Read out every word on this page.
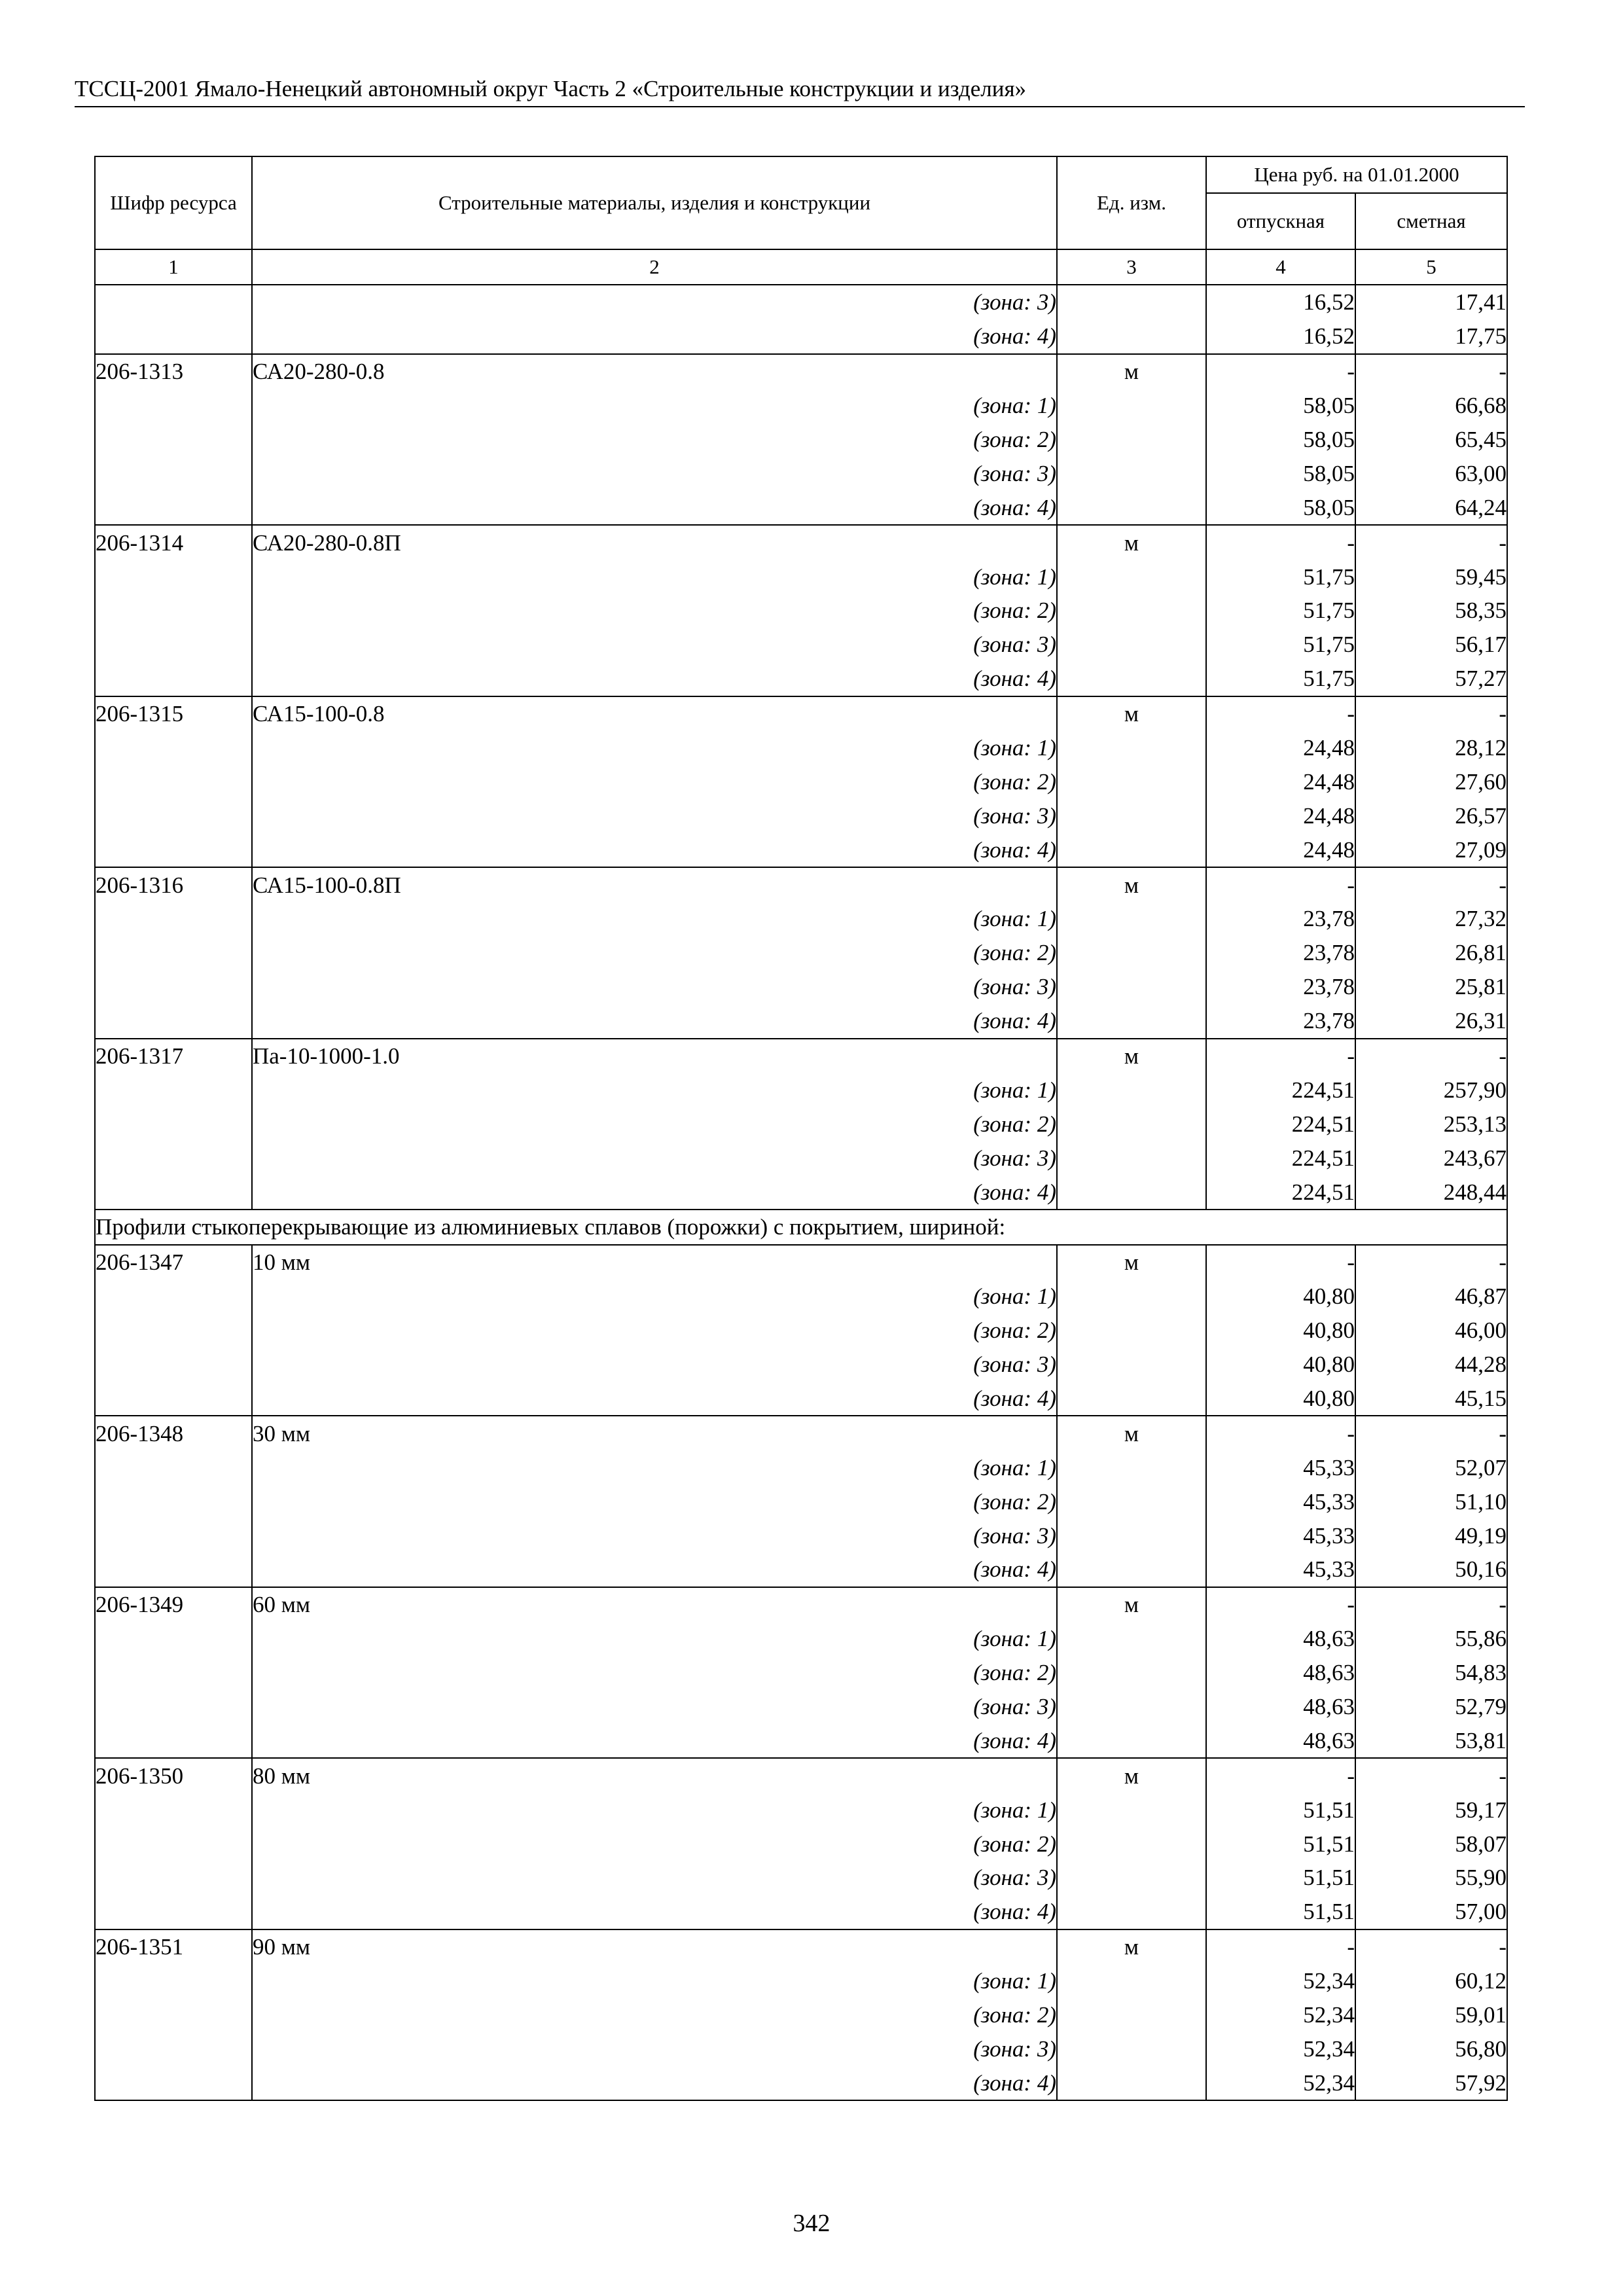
ТССЦ-2001 Ямало-Ненецкий автономный округ Часть 2 «Строительные конструкции и изделия»
Шифр ресурса	Строительные материалы, изделия и конструкции	Ед. изм.	Цена руб. на 01.01.2000	
			отпускная	сметная
1	2	3	4	5
	(зона: 3)		16,52	17,41
	(зона: 4)		16,52	17,75
206-1313	СА20-280-0.8	м	-	-
	(зона: 1)		58,05	66,68
	(зона: 2)		58,05	65,45
	(зона: 3)		58,05	63,00
	(зона: 4)		58,05	64,24
206-1314	СА20-280-0.8П	м	-	-
	(зона: 1)		51,75	59,45
	(зона: 2)		51,75	58,35
	(зона: 3)		51,75	56,17
	(зона: 4)		51,75	57,27
206-1315	СА15-100-0.8	м	-	-
	(зона: 1)		24,48	28,12
	(зона: 2)		24,48	27,60
	(зона: 3)		24,48	26,57
	(зона: 4)		24,48	27,09
206-1316	СА15-100-0.8П	м	-	-
	(зона: 1)		23,78	27,32
	(зона: 2)		23,78	26,81
	(зона: 3)		23,78	25,81
	(зона: 4)		23,78	26,31
206-1317	Па-10-1000-1.0	м	-	-
	(зона: 1)		224,51	257,90
	(зона: 2)		224,51	253,13
	(зона: 3)		224,51	243,67
	(зона: 4)		224,51	248,44
Профили стыкоперекрывающие из алюминиевых сплавов (порожки) с покрытием, шириной:				
206-1347	10 мм	м	-	-
	(зона: 1)		40,80	46,87
	(зона: 2)		40,80	46,00
	(зона: 3)		40,80	44,28
	(зона: 4)		40,80	45,15
206-1348	30 мм	м	-	-
	(зона: 1)		45,33	52,07
	(зона: 2)		45,33	51,10
	(зона: 3)		45,33	49,19
	(зона: 4)		45,33	50,16
206-1349	60 мм	м	-	-
	(зона: 1)		48,63	55,86
	(зона: 2)		48,63	54,83
	(зона: 3)		48,63	52,79
	(зона: 4)		48,63	53,81
206-1350	80 мм	м	-	-
	(зона: 1)		51,51	59,17
	(зона: 2)		51,51	58,07
	(зона: 3)		51,51	55,90
	(зона: 4)		51,51	57,00
206-1351	90 мм	м	-	-
	(зона: 1)		52,34	60,12
	(зона: 2)		52,34	59,01
	(зона: 3)		52,34	56,80
	(зона: 4)		52,34	57,92
342
